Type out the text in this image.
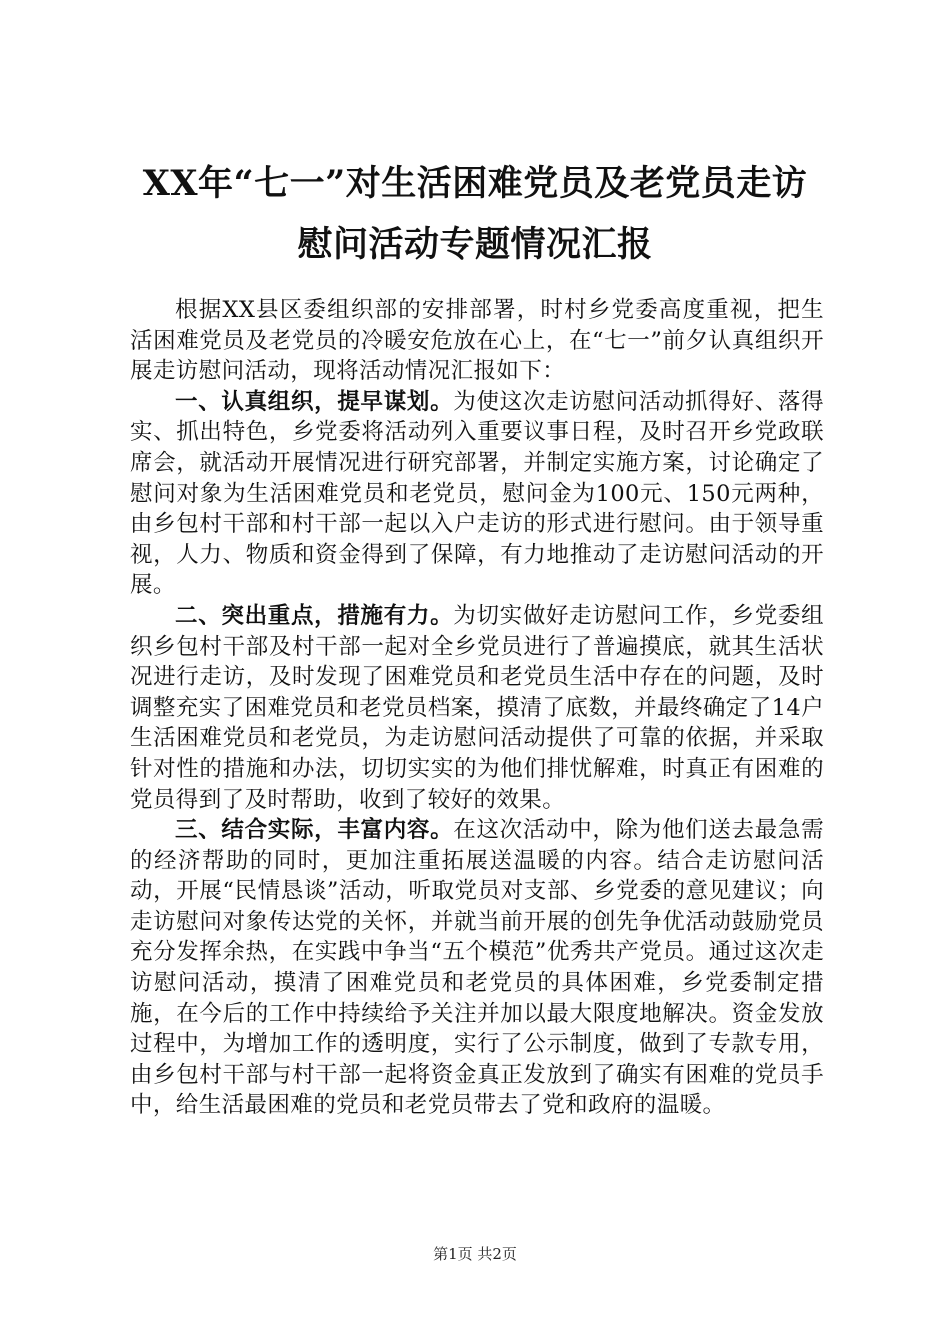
XX年“七一”对生活困难党员及老党员走访
慰问活动专题情况汇报

根据XX县区委组织部的安排部署，时村乡党委高度重视，把生活困难党员及老党员的冷暖安危放在心上，在“七一”前夕认真组织开展走访慰问活动，现将活动情况汇报如下：

一、认真组织，提早谋划。为使这次走访慰问活动抓得好、落得实、抓出特色，乡党委将活动列入重要议事日程，及时召开乡党政联席会，就活动开展情况进行研究部署，并制定实施方案，讨论确定了慰问对象为生活困难党员和老党员，慰问金为100元、150元两种，由乡包村干部和村干部一起以入户走访的形式进行慰问。由于领导重视，人力、物质和资金得到了保障，有力地推动了走访慰问活动的开展。

二、突出重点，措施有力。为切实做好走访慰问工作，乡党委组织乡包村干部及村干部一起对全乡党员进行了普遍摸底，就其生活状况进行走访，及时发现了困难党员和老党员生活中存在的问题，及时调整充实了困难党员和老党员档案，摸清了底数，并最终确定了14户生活困难党员和老党员，为走访慰问活动提供了可靠的依据，并采取针对性的措施和办法，切切实实的为他们排忧解难，时真正有困难的党员得到了及时帮助，收到了较好的效果。

三、结合实际，丰富内容。在这次活动中，除为他们送去最急需的经济帮助的同时，更加注重拓展送温暖的内容。结合走访慰问活动，开展“民情恳谈”活动，听取党员对支部、乡党委的意见建议；向走访慰问对象传达党的关怀，并就当前开展的创先争优活动鼓励党员充分发挥余热，在实践中争当“五个模范”优秀共产党员。通过这次走访慰问活动，摸清了困难党员和老党员的具体困难，乡党委制定措施，在今后的工作中持续给予关注并加以最大限度地解决。资金发放过程中，为增加工作的透明度，实行了公示制度，做到了专款专用，由乡包村干部与村干部一起将资金真正发放到了确实有困难的党员手中，给生活最困难的党员和老党员带去了党和政府的温暖。

第1页 共2页
